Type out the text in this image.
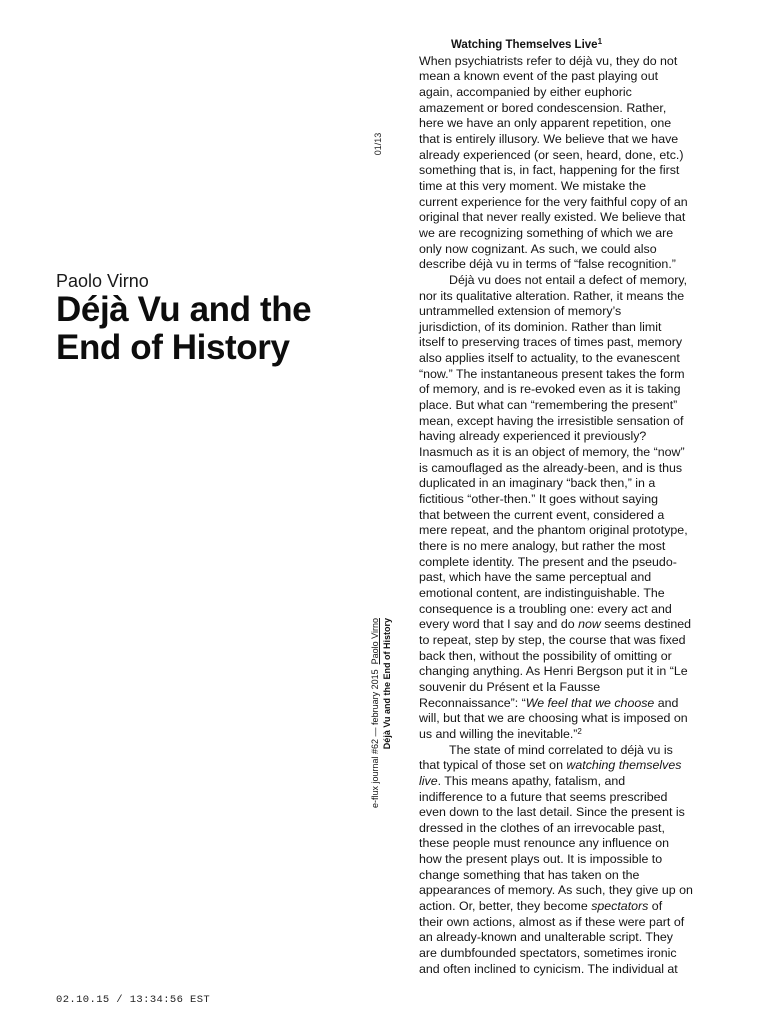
Paolo Virno
Déjà Vu and the
End of History
01/13
e-flux journal #62 — february 2015  Paolo Virno Déjà Vu and the End of History
Watching Themselves Live$^1$

When psychiatrists refer to déjà vu, they do not
mean a known event of the past playing out
again, accompanied by either euphoric
amazement or bored condescension. Rather,
here we have an only apparent repetition, one
that is entirely illusory. We believe that we have
already experienced (or seen, heard, done, etc.)
something that is, in fact, happening for the first
time at this very moment. We mistake the
current experience for the very faithful copy of an
original that never really existed. We believe that
we are recognizing something of which we are
only now cognizant. As such, we could also
describe déjà vu in terms of “false recognition.”
Déjà vu does not entail a defect of memory,
nor its qualitative alteration. Rather, it means the
untrammelled extension of memory’s
jurisdiction, of its dominion. Rather than limit
itself to preserving traces of times past, memory
also applies itself to actuality, to the evanescent
“now.” The instantaneous present takes the form
of memory, and is re-evoked even as it is taking
place. But what can “remembering the present”
mean, except having the irresistible sensation of
having already experienced it previously?
Inasmuch as it is an object of memory, the “now”
is camouflaged as the already-been, and is thus
duplicated in an imaginary “back then,” in a
fictitious “other-then.” It goes without saying
that between the current event, considered a
mere repeat, and the phantom original prototype,
there is no mere analogy, but rather the most
complete identity. The present and the pseudo-
past, which have the same perceptual and
emotional content, are indistinguishable. The
consequence is a troubling one: every act and
every word that I say and do now seems destined
to repeat, step by step, the course that was fixed
back then, without the possibility of omitting or
changing anything. As Henri Bergson put it in “Le
souvenir du Présent et la Fausse
Reconnaissance”: “We feel that we choose and
will, but that we are choosing what is imposed on
us and willing the inevitable.”$^2$
The state of mind correlated to déjà vu is
that typical of those set on watching themselves
live. This means apathy, fatalism, and
indifference to a future that seems prescribed
even down to the last detail. Since the present is
dressed in the clothes of an irrevocable past,
these people must renounce any influence on
how the present plays out. It is impossible to
change something that has taken on the
appearances of memory. As such, they give up on
action. Or, better, they become spectators of
their own actions, almost as if these were part of
an already-known and unalterable script. They
are dumbfounded spectators, sometimes ironic
and often inclined to cynicism. The individual at

02.10.15 / 13:34:56 EST
